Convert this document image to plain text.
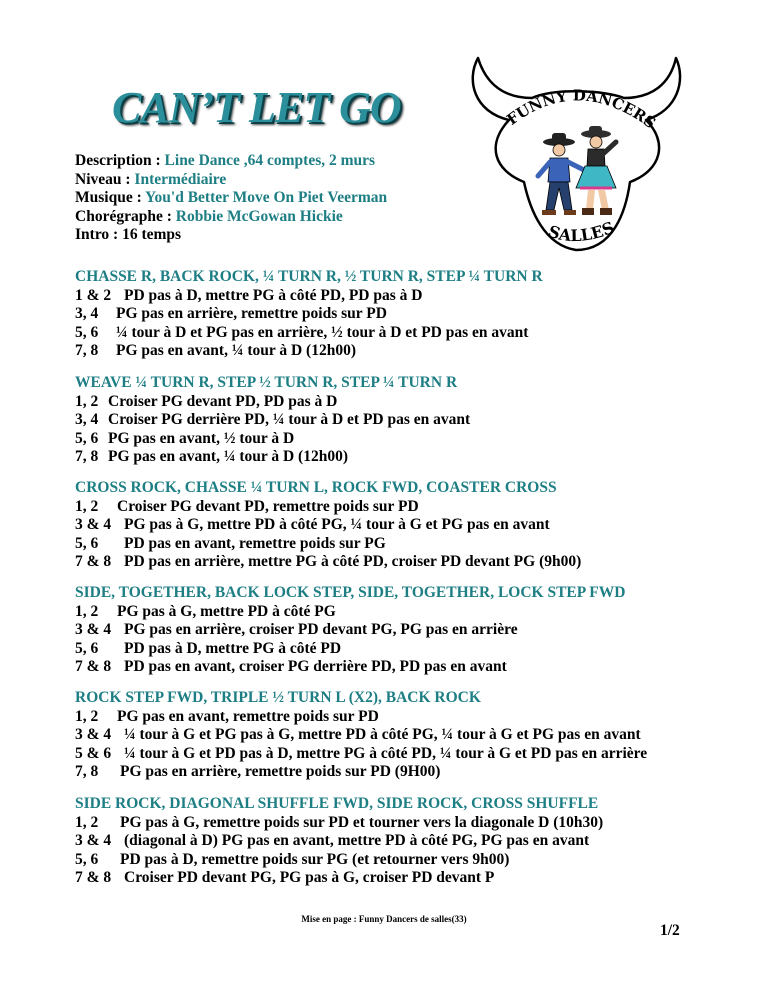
CAN’T LET GO
Description : Line Dance ,64 comptes, 2 murs
Niveau : Intermédiaire
Musique : You'd Better Move On Piet Veerman
Chorégraphe : Robbie McGowan Hickie
Intro : 16 temps
FUNNY DANCERS
SALLES
CHASSE R, BACK ROCK, ¼ TURN R, ½ TURN R, STEP ¼ TURN R
1 & 2 PD pas à D, mettre PG à côté PD, PD pas à D
3, 4	PG pas en arrière, remettre poids sur PD
5, 6	¼ tour à D et PG pas en arrière, ½ tour à D et PD pas en avant
7, 8	PG pas en avant, ¼ tour à D (12h00)
WEAVE ¼ TURN R, STEP ½ TURN R, STEP ¼ TURN R
1, 2 Croiser PG devant PD, PD pas à D
3, 4 Croiser PG derrière PD, ¼ tour à D et PD pas en avant
5, 6 PG pas en avant, ½ tour à D
7, 8 PG pas en avant, ¼ tour à D (12h00)
CROSS ROCK, CHASSE ¼ TURN L, ROCK FWD, COASTER CROSS
1, 2	Croiser PG devant PD, remettre poids sur PD
3 & 4 PG pas à G, mettre PD à côté PG, ¼ tour à G et PG pas en avant
5, 6	PD pas en avant, remettre poids sur PG
7 & 8 PD pas en arrière, mettre PG à côté PD, croiser PD devant PG (9h00)
SIDE, TOGETHER, BACK LOCK STEP, SIDE, TOGETHER, LOCK STEP FWD
1, 2	PG pas à G, mettre PD à côté PG
3 & 4 PG pas en arrière, croiser PD devant PG, PG pas en arrière
5, 6	PD pas à D, mettre PG à côté PD
7 & 8 PD pas en avant, croiser PG derrière PD, PD pas en avant
ROCK STEP FWD, TRIPLE ½ TURN L (X2), BACK ROCK
1, 2	PG pas en avant, remettre poids sur PD
3 & 4 ¼ tour à G et PG pas à G, mettre PD à côté PG, ¼ tour à G et PG pas en avant
5 & 6 ¼ tour à G et PD pas à D, mettre PG à côté PD, ¼ tour à G et PD pas en arrière
7, 8	PG pas en arrière, remettre poids sur PD (9H00)
SIDE ROCK, DIAGONAL SHUFFLE FWD, SIDE ROCK, CROSS SHUFFLE
1, 2	PG pas à G, remettre poids sur PD et tourner vers la diagonale D (10h30)
3 & 4 (diagonal à D) PG pas en avant, mettre PD à côté PG, PG pas en avant
5, 6	PD pas à D, remettre poids sur PG (et retourner vers 9h00)
7 & 8 Croiser PD devant PG, PG pas à G, croiser PD devant P
Mise en page : Funny Dancers de salles(33)
1/2
